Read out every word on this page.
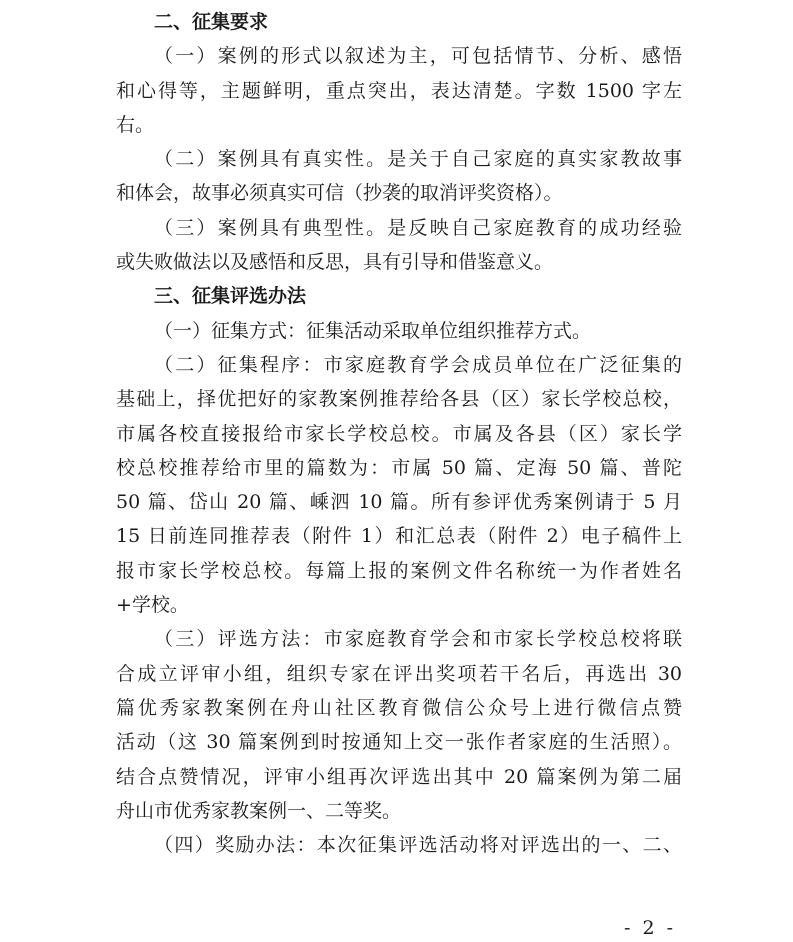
二、征集要求
（一）案例的形式以叙述为主，可包括情节、分析、感悟
和心得等，主题鲜明，重点突出，表达清楚。字数 1500 字左
右。
（二）案例具有真实性。是关于自己家庭的真实家教故事
和体会，故事必须真实可信（抄袭的取消评奖资格）。
（三）案例具有典型性。是反映自己家庭教育的成功经验
或失败做法以及感悟和反思，具有引导和借鉴意义。
三、征集评选办法
（一）征集方式：征集活动采取单位组织推荐方式。
（二）征集程序：市家庭教育学会成员单位在广泛征集的
基础上，择优把好的家教案例推荐给各县（区）家长学校总校，
市属各校直接报给市家长学校总校。市属及各县（区）家长学
校总校推荐给市里的篇数为：市属 50 篇、定海 50 篇、普陀
50 篇、岱山 20 篇、嵊泗 10 篇。所有参评优秀案例请于 5 月
15 日前连同推荐表（附件 1）和汇总表（附件 2）电子稿件上
报市家长学校总校。每篇上报的案例文件名称统一为作者姓名
+学校。
（三）评选方法：市家庭教育学会和市家长学校总校将联
合成立评审小组，组织专家在评出奖项若干名后，再选出 30
篇优秀家教案例在舟山社区教育微信公众号上进行微信点赞
活动（这 30 篇案例到时按通知上交一张作者家庭的生活照）。
结合点赞情况，评审小组再次评选出其中 20 篇案例为第二届
舟山市优秀家教案例一、二等奖。
（四）奖励办法：本次征集评选活动将对评选出的一、二、
- 2 -
